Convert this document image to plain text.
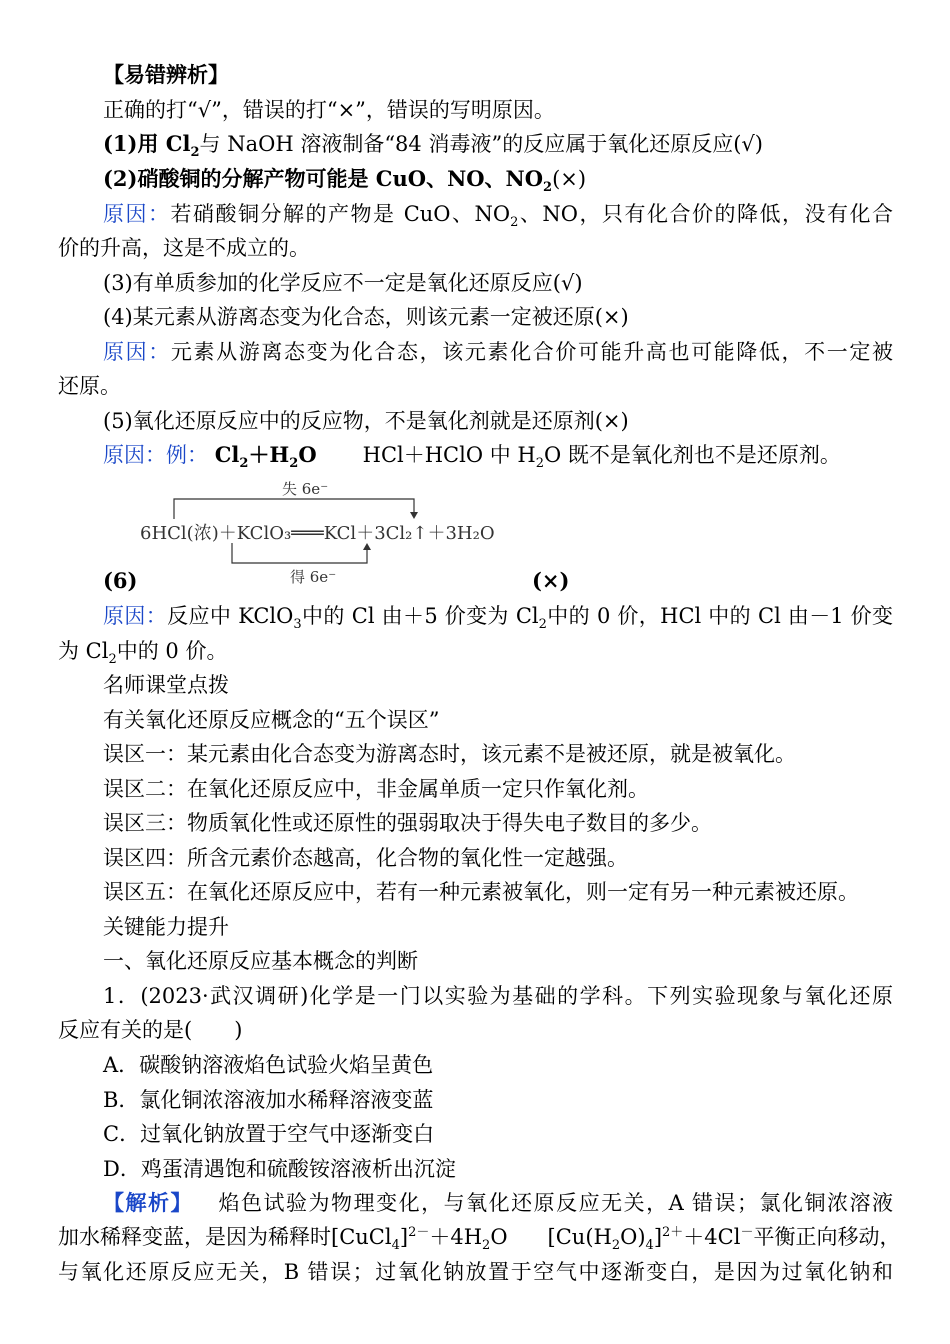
【易错辨析】
正确的打“√”，错误的打“×”，错误的写明原因。
(1)用 $Cl_2$与 NaOH 溶液制备“84 消毒液”的反应属于氧化还原反应(√)
(2)硝酸铜的分解产物可能是 CuO、NO、$NO_2(\times)$
原因：若硝酸铜分解的产物是 CuO、$NO_2$、NO，只有化合价的降低，没有化合
价的升高，这是不成立的。
(3)有单质参加的化学反应不一定是氧化还原反应(√)
(4)某元素从游离态变为化合态，则该元素一定被还原(×)
原因：元素从游离态变为化合态，该元素化合价可能升高也可能降低，不一定被
还原。
(5)氧化还原反应中的反应物，不是氧化剂就是还原剂(×)
原因：例： $Cl_2+H_2O$ HCl＋HClO 中 $H_2O$ 既不是氧化剂也不是还原剂。
失 6e⁻
得 6e⁻
6HCl(浓)＋KClO₃═══KCl＋3Cl₂↑＋3H₂O
(6)	(×)
原因：反应中 KClO$_3$中的 Cl 由＋5 价变为 $Cl_2$中的 0 价，HCl 中的 Cl 由－1 价变
为 $Cl_2$中的 0 价。
名师课堂点拨
有关氧化还原反应概念的“五个误区”
误区一：某元素由化合态变为游离态时，该元素不是被还原，就是被氧化。
误区二：在氧化还原反应中，非金属单质一定只作氧化剂。
误区三：物质氧化性或还原性的强弱取决于得失电子数目的多少。
误区四：所含元素价态越高，化合物的氧化性一定越强。
误区五：在氧化还原反应中，若有一种元素被氧化，则一定有另一种元素被还原。
关键能力提升
一、氧化还原反应基本概念的判断
1．(2023·武汉调研)化学是一门以实验为基础的学科。下列实验现象与氧化还原
反应有关的是(　　)
A．碳酸钠溶液焰色试验火焰呈黄色
B．氯化铜浓溶液加水稀释溶液变蓝
C．过氧化钠放置于空气中逐渐变白
D．鸡蛋清遇饱和硫酸铵溶液析出沉淀
【解析】 焰色试验为物理变化，与氧化还原反应无关，A 错误；氯化铜浓溶液
加水稀释变蓝，是因为稀释时$[CuCl_4]^{2-}+4H_2O$ $[Cu(H_2O)_4]^{2+}+4Cl^-$平衡正向移动，
与氧化还原反应无关，B 错误；过氧化钠放置于空气中逐渐变白，是因为过氧化钠和
